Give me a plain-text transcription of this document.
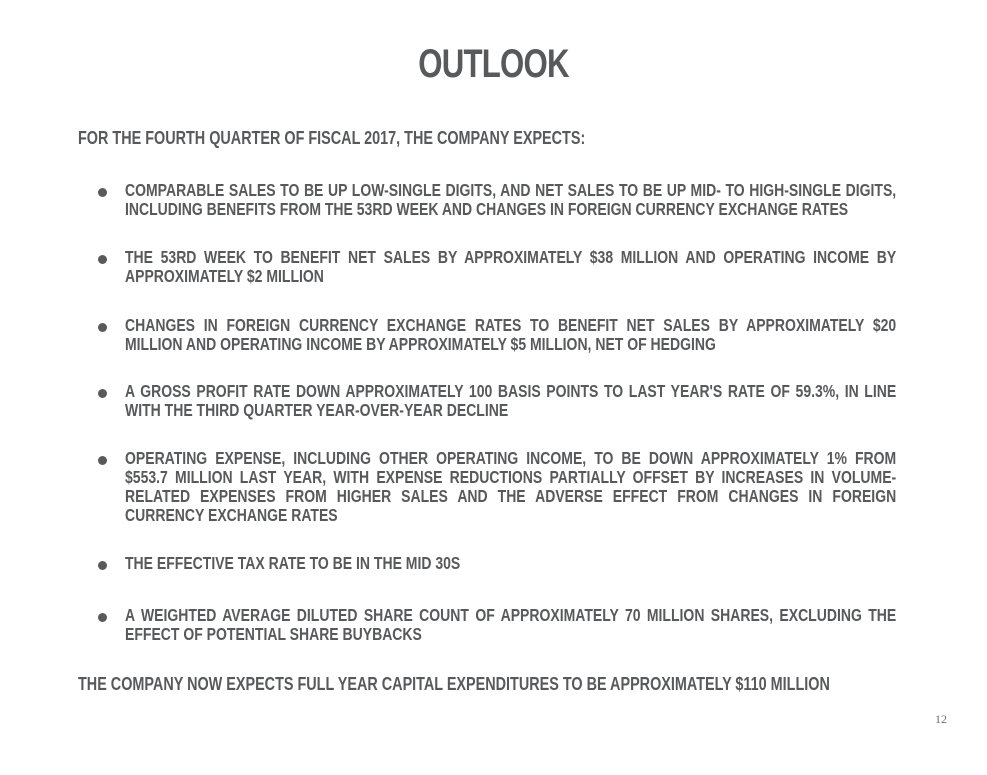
OUTLOOK
FOR THE FOURTH QUARTER OF FISCAL 2017, THE COMPANY EXPECTS:
COMPARABLE SALES TO BE UP LOW-SINGLE DIGITS, AND NET SALES TO BE UP MID- TO HIGH-SINGLE DIGITS, INCLUDING BENEFITS FROM THE 53RD WEEK AND CHANGES IN FOREIGN CURRENCY EXCHANGE RATES
THE 53RD WEEK TO BENEFIT NET SALES BY APPROXIMATELY $38 MILLION AND OPERATING INCOME BY APPROXIMATELY $2 MILLION
CHANGES IN FOREIGN CURRENCY EXCHANGE RATES TO BENEFIT NET SALES BY APPROXIMATELY $20 MILLION AND OPERATING INCOME BY APPROXIMATELY $5 MILLION, NET OF HEDGING
A GROSS PROFIT RATE DOWN APPROXIMATELY 100 BASIS POINTS TO LAST YEAR'S RATE OF 59.3%, IN LINE WITH THE THIRD QUARTER YEAR-OVER-YEAR DECLINE
OPERATING EXPENSE, INCLUDING OTHER OPERATING INCOME, TO BE DOWN APPROXIMATELY 1% FROM $553.7 MILLION LAST YEAR, WITH EXPENSE REDUCTIONS PARTIALLY OFFSET BY INCREASES IN VOLUME-RELATED EXPENSES FROM HIGHER SALES AND THE ADVERSE EFFECT FROM CHANGES IN FOREIGN CURRENCY EXCHANGE RATES
THE EFFECTIVE TAX RATE TO BE IN THE MID 30S
A WEIGHTED AVERAGE DILUTED SHARE COUNT OF APPROXIMATELY 70 MILLION SHARES, EXCLUDING THE EFFECT OF POTENTIAL SHARE BUYBACKS
THE COMPANY NOW EXPECTS FULL YEAR CAPITAL EXPENDITURES TO BE APPROXIMATELY $110 MILLION
12
